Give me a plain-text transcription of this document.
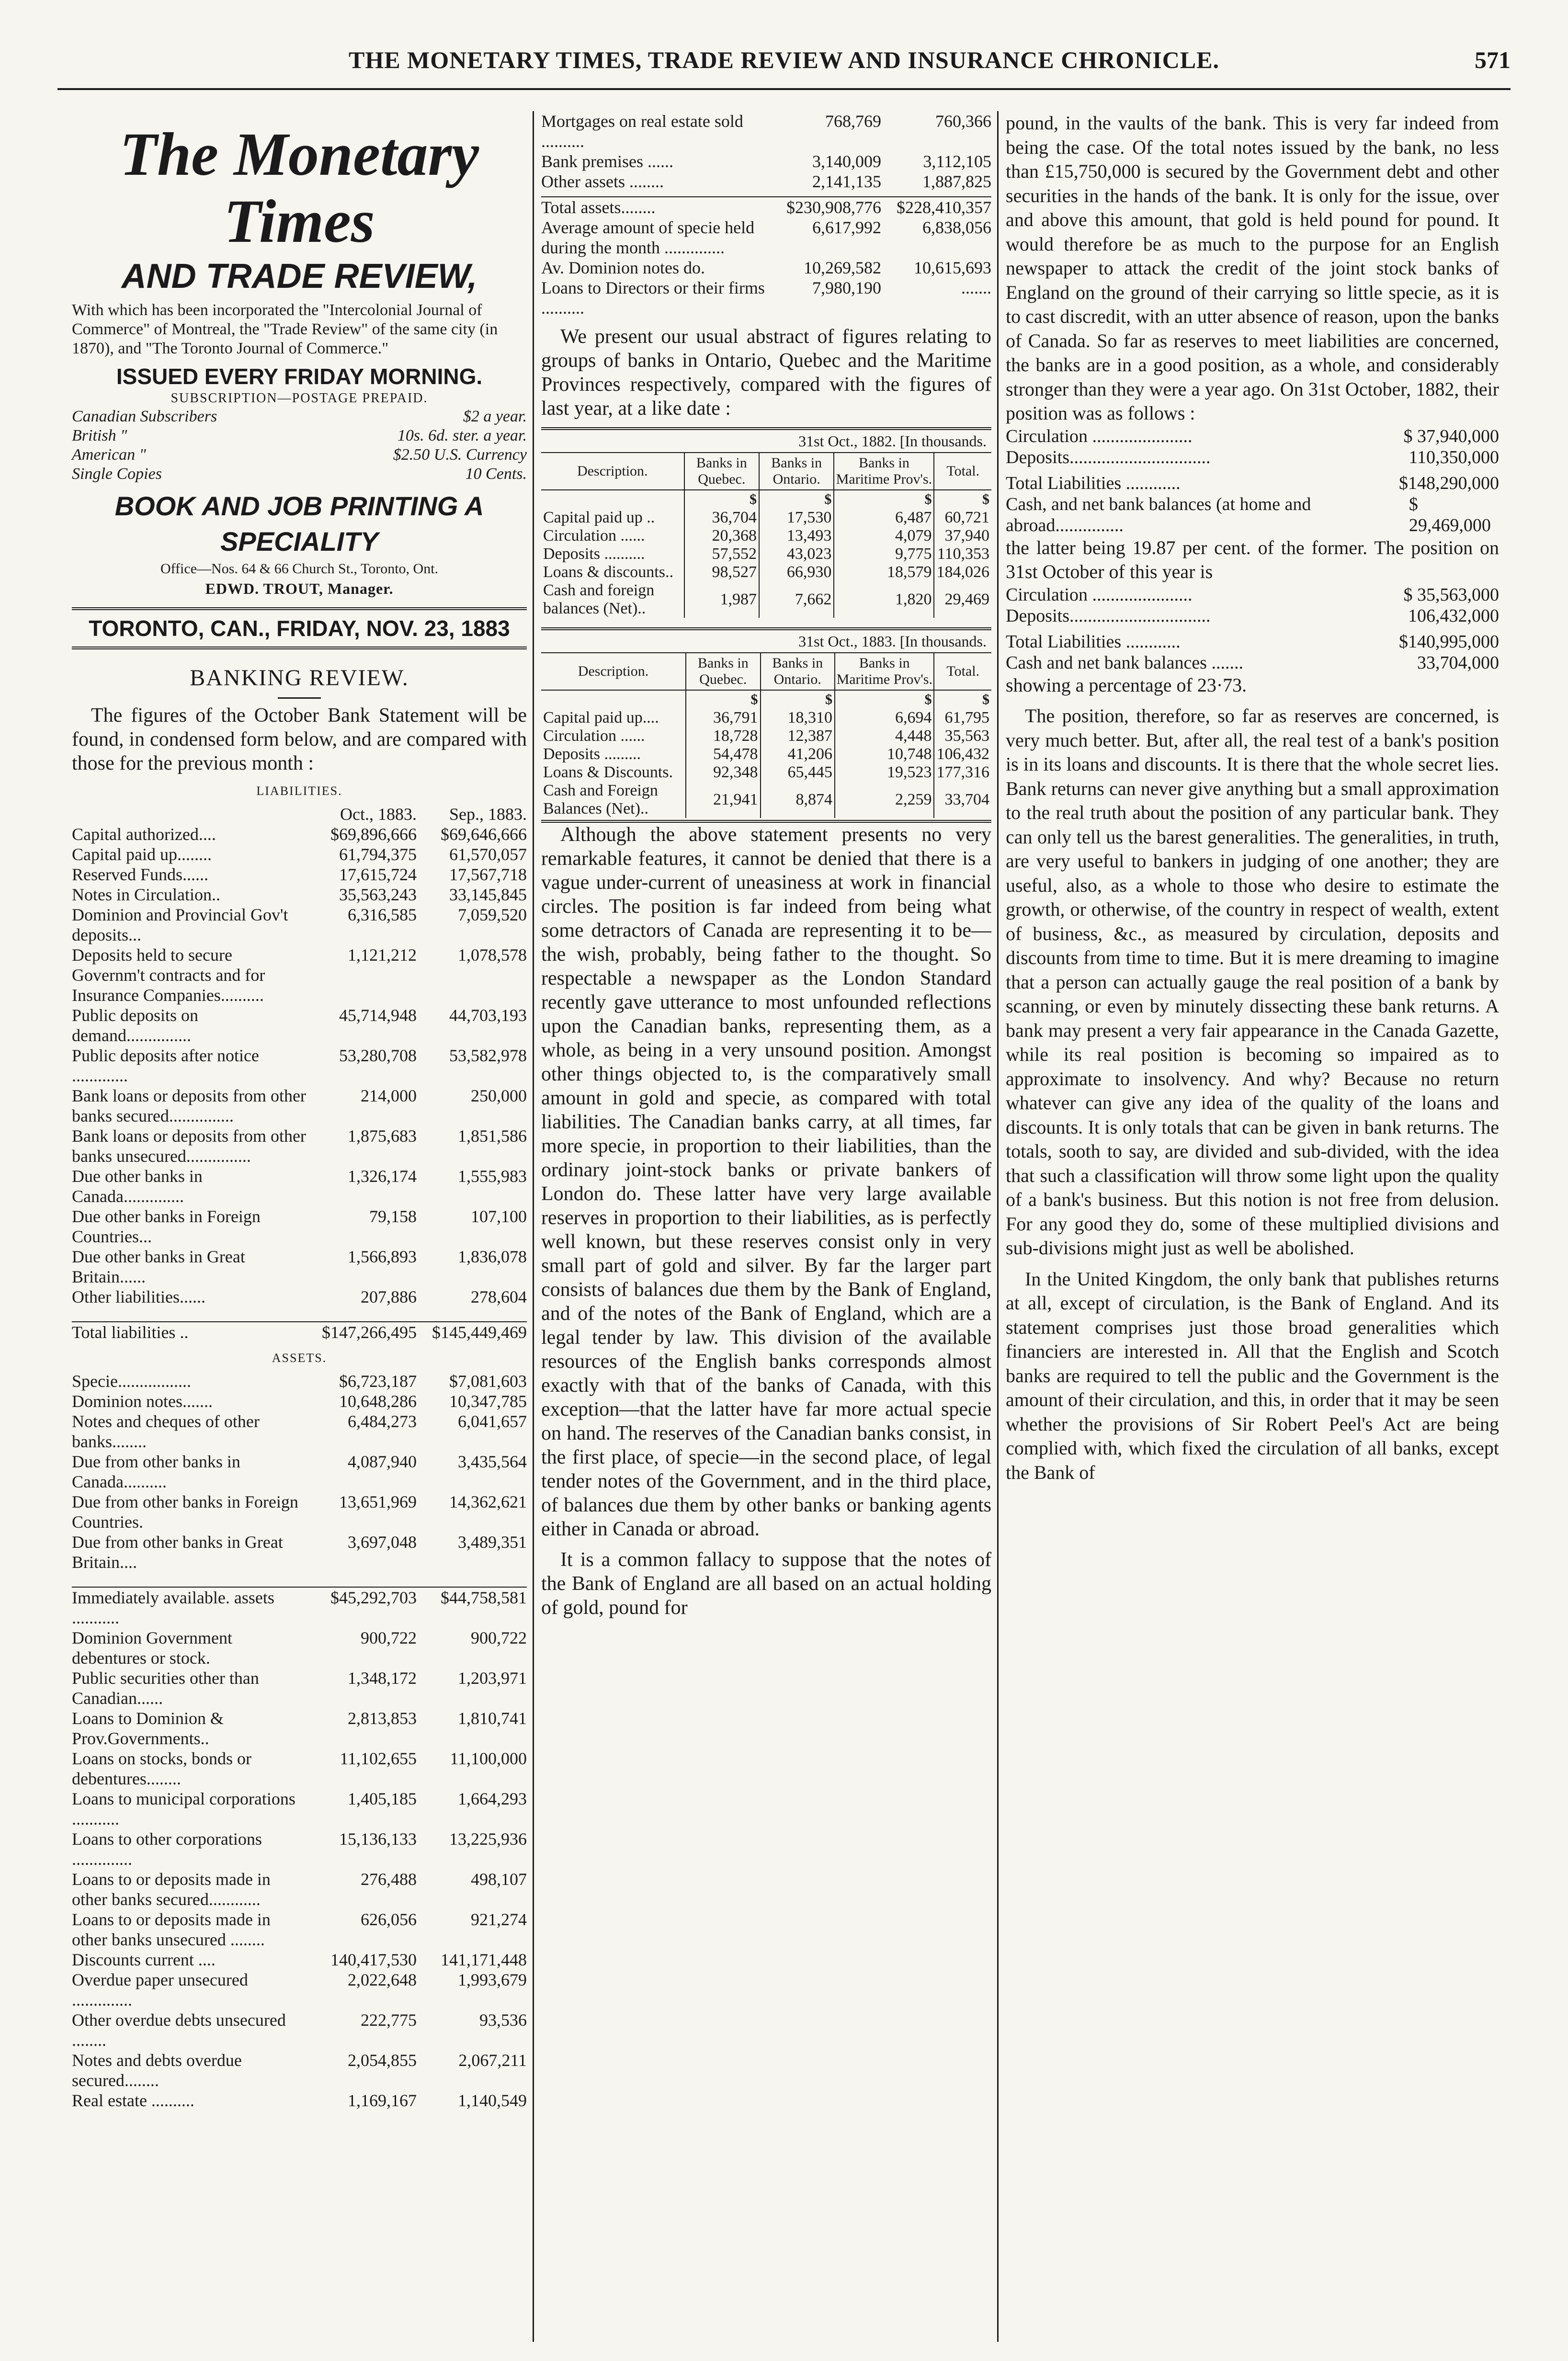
THE MONETARY TIMES, TRADE REVIEW AND INSURANCE CHRONICLE.	571
The Monetary Times
AND TRADE REVIEW,
With which has been incorporated the "Intercolonial Journal of Commerce" of Montreal, the "Trade Review" of the same city (in 1870), and "The Toronto Journal of Commerce."
ISSUED EVERY FRIDAY MORNING.
SUBSCRIPTION—POSTAGE PREPAID.
Canadian Subscribers	$2 a year.
British "	10s. 6d. ster. a year.
American "	$2.50 U.S. Currency
Single Copies	10 Cents.
BOOK AND JOB PRINTING A SPECIALITY
Office—Nos. 64 & 66 Church St., Toronto, Ont.
EDWD. TROUT, Manager.
TORONTO, CAN., FRIDAY, NOV. 23, 1883
BANKING REVIEW.

The figures of the October Bank Statement will be found, in condensed form below, and are compared with those for the previous month :

LIABILITIES.
Oct., 1883.	Sep., 1883.
Capital authorized....	$69,896,666	$69,646,666
Capital paid up........	61,794,375	61,570,057
Reserved Funds......	17,615,724	17,567,718
Notes in Circulation..	35,563,243	33,145,845
Dominion and Provincial Gov't deposits...
6,316,585	7,059,520
Deposits held to secure Governm't contracts and for Insurance Companies..........
1,121,212	1,078,578
Public deposits on demand...............
45,714,948	44,703,193
Public deposits after notice .............
53,280,708	53,582,978
Bank loans or deposits from other banks secured...............
214,000	250,000
Bank loans or deposits from other banks unsecured...............
1,875,683	1,851,586
Due other banks in Canada..............
1,326,174	1,555,983
Due other banks in Foreign Countries...
79,158	107,100
Due other banks in Great Britain......
1,566,893	1,836,078
Other liabilities......	207,886	278,604
Total liabilities ..	$147,266,495 $145,449,469
ASSETS.
Specie.................	$6,723,187	$7,081,603
Dominion notes.......	10,648,286	10,347,785
Notes and cheques of other banks........
6,484,273	6,041,657
Due from other banks in Canada..........
4,087,940	3,435,564
Due from other banks in Foreign Countries.
13,651,969	14,362,621
Due from other banks in Great Britain....
3,697,048	3,489,351
Immediately available. assets ...........
$45,292,703	$44,758,581
Dominion Government debentures or stock.
900,722	900,722
Public securities other than Canadian......
1,348,172	1,203,971
Loans to Dominion & Prov.Governments..
2,813,853	1,810,741
Loans on stocks, bonds or debentures........
11,102,655	11,100,000
Loans to municipal corporations ...........
1,405,185	1,664,293
Loans to other corporations ..............
15,136,133	13,225,936
Loans to or deposits made in other banks secured............
276,488	498,107
Loans to or deposits made in other banks unsecured ........
626,056	921,274
Discounts current ....	140,417,530	141,171,448
Overdue paper unsecured ..............
2,022,648	1,993,679
Other overdue debts unsecured ........
222,775	93,536
Notes and debts overdue secured........
2,054,855	2,067,211
Real estate ..........	1,169,167	1,140,549
Mortgages on real estate sold ..........
768,769	760,366
Bank premises ......	3,140,009	3,112,105
Other assets ........	2,141,135	1,887,825
Total assets........	$230,908,776 $228,410,357
Average amount of specie held during the month ..............
6,617,992	6,838,056
Av. Dominion notes do.	10,269,582	10,615,693
Loans to Directors or their firms ..........
7,980,190	.......

We present our usual abstract of figures relating to groups of banks in Ontario, Quebec and the Maritime Provinces respectively, compared with the figures of last year, at a like date :

31st Oct., 1882. [In thousands.
Description.	Banks in Quebec.	Banks in Ontario.	Banks in Maritime Prov's.	Total.
	$	$	$	$
Capital paid up ..	36,704	17,530	6,487	60,721
Circulation ......	20,368	13,493	4,079	37,940
Deposits ..........	57,552	43,023	9,775	110,353
Loans & discounts..	98,527	66,930	18,579	184,026
Cash and foreign balances (Net)..	1,987	7,662	1,820	29,469
31st Oct., 1883. [In thousands.
Description.	Banks in Quebec.	Banks in Ontario.	Banks in Maritime Prov's.	Total.
	$	$	$	$
Capital paid up....	36,791	18,310	6,694	61,795
Circulation ......	18,728	12,387	4,448	35,563
Deposits .........	54,478	41,206	10,748	106,432
Loans & Discounts.	92,348	65,445	19,523	177,316
Cash and Foreign Balances (Net)..	21,941	8,874	2,259	33,704

Although the above statement presents no very remarkable features, it cannot be denied that there is a vague under-current of uneasiness at work in financial circles. The position is far indeed from being what some detractors of Canada are representing it to be—the wish, probably, being father to the thought. So respectable a newspaper as the London Standard recently gave utterance to most unfounded reflections upon the Canadian banks, representing them, as a whole, as being in a very unsound position. Amongst other things objected to, is the comparatively small amount in gold and specie, as compared with total liabilities. The Canadian banks carry, at all times, far more specie, in proportion to their liabilities, than the ordinary joint-stock banks or private bankers of London do. These latter have very large available reserves in proportion to their liabilities, as is perfectly well known, but these reserves consist only in very small part of gold and silver. By far the larger part consists of balances due them by the Bank of England, and of the notes of the Bank of England, which are a legal tender by law. This division of the available resources of the English banks corresponds almost exactly with that of the banks of Canada, with this exception—that the latter have far more actual specie on hand. The reserves of the Canadian banks consist, in the first place, of specie—in the second place, of legal tender notes of the Government, and in the third place, of balances due them by other banks or banking agents either in Canada or abroad.

It is a common fallacy to suppose that the notes of the Bank of England are all based on an actual holding of gold, pound for

pound, in the vaults of the bank. This is very far indeed from being the case. Of the total notes issued by the bank, no less than £15,750,000 is secured by the Government debt and other securities in the hands of the bank. It is only for the issue, over and above this amount, that gold is held pound for pound. It would therefore be as much to the purpose for an English newspaper to attack the credit of the joint stock banks of England on the ground of their carrying so little specie, as it is to cast discredit, with an utter absence of reason, upon the banks of Canada. So far as reserves to meet liabilities are concerned, the banks are in a good position, as a whole, and considerably stronger than they were a year ago. On 31st October, 1882, their position was as follows :

Circulation ......................	$ 37,940,000
Deposits...............................	110,350,000
Total Liabilities ............	$148,290,000
Cash, and net bank balances (at home and abroad...............
$ 29,469,000

the latter being 19.87 per cent. of the former. The position on 31st October of this year is

Circulation ......................	$ 35,563,000
Deposits...............................	106,432,000
Total Liabilities ............	$140,995,000
Cash and net bank balances .......	33,704,000

showing a percentage of 23·73.

The position, therefore, so far as reserves are concerned, is very much better. But, after all, the real test of a bank's position is in its loans and discounts. It is there that the whole secret lies. Bank returns can never give anything but a small approximation to the real truth about the position of any particular bank. They can only tell us the barest generalities. The generalities, in truth, are very useful to bankers in judging of one another; they are useful, also, as a whole to those who desire to estimate the growth, or otherwise, of the country in respect of wealth, extent of business, &c., as measured by circulation, deposits and discounts from time to time. But it is mere dreaming to imagine that a person can actually gauge the real position of a bank by scanning, or even by minutely dissecting these bank returns. A bank may present a very fair appearance in the Canada Gazette, while its real position is becoming so impaired as to approximate to insolvency. And why? Because no return whatever can give any idea of the quality of the loans and discounts. It is only totals that can be given in bank returns. The totals, sooth to say, are divided and sub-divided, with the idea that such a classification will throw some light upon the quality of a bank's business. But this notion is not free from delusion. For any good they do, some of these multiplied divisions and sub-divisions might just as well be abolished.

In the United Kingdom, the only bank that publishes returns at all, except of circulation, is the Bank of England. And its statement comprises just those broad generalities which financiers are interested in. All that the English and Scotch banks are required to tell the public and the Government is the amount of their circulation, and this, in order that it may be seen whether the provisions of Sir Robert Peel's Act are being complied with, which fixed the circulation of all banks, except the Bank of
